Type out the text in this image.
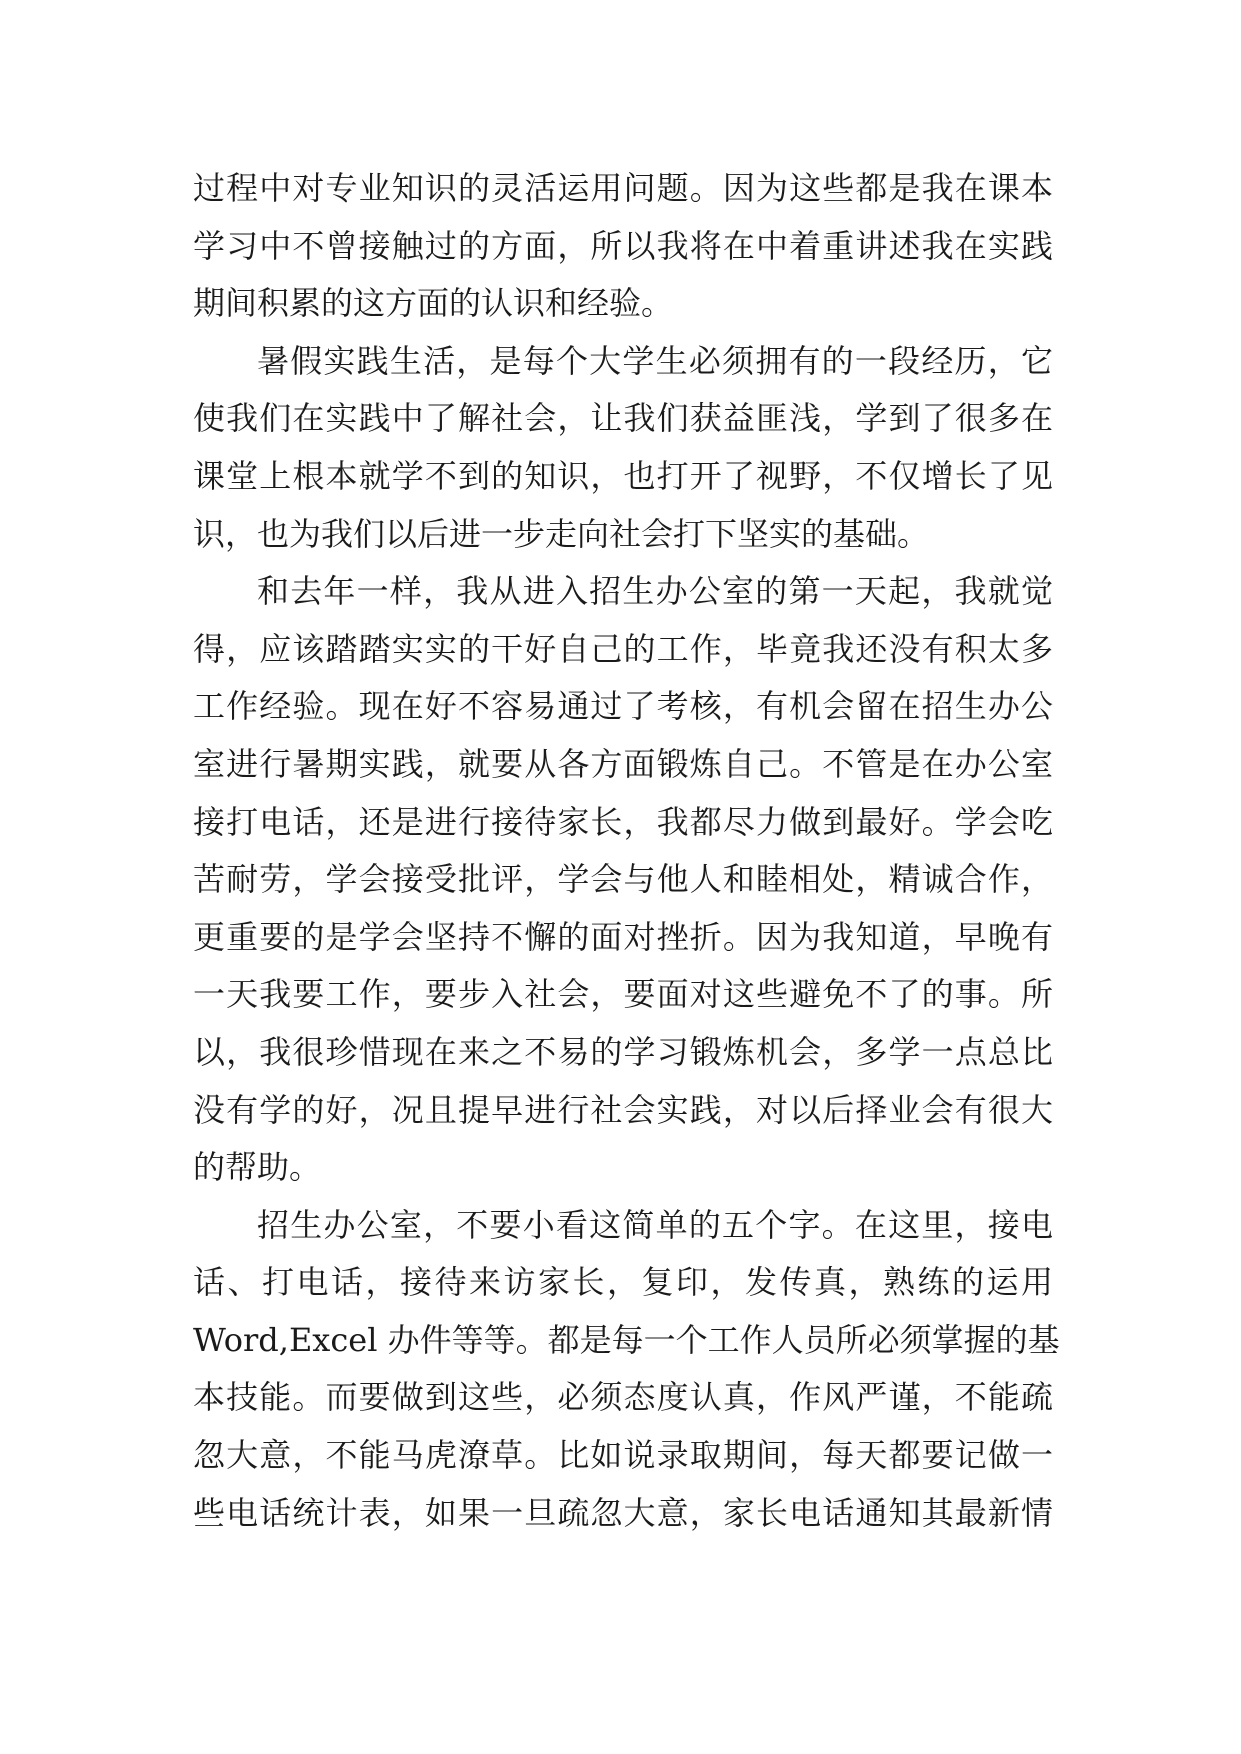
过程中对专业知识的灵活运用问题。因为这些都是我在课本
学习中不曾接触过的方面，所以我将在中着重讲述我在实践
期间积累的这方面的认识和经验。
暑假实践生活，是每个大学生必须拥有的一段经历，它
使我们在实践中了解社会，让我们获益匪浅，学到了很多在
课堂上根本就学不到的知识，也打开了视野，不仅增长了见
识，也为我们以后进一步走向社会打下坚实的基础。
和去年一样，我从进入招生办公室的第一天起，我就觉
得，应该踏踏实实的干好自己的工作，毕竟我还没有积太多
工作经验。现在好不容易通过了考核，有机会留在招生办公
室进行暑期实践，就要从各方面锻炼自己。不管是在办公室
接打电话，还是进行接待家长，我都尽力做到最好。学会吃
苦耐劳，学会接受批评，学会与他人和睦相处，精诚合作，
更重要的是学会坚持不懈的面对挫折。因为我知道，早晚有
一天我要工作，要步入社会，要面对这些避免不了的事。所
以，我很珍惜现在来之不易的学习锻炼机会，多学一点总比
没有学的好，况且提早进行社会实践，对以后择业会有很大
的帮助。
招生办公室，不要小看这简单的五个字。在这里，接电
话、打电话，接待来访家长，复印，发传真，熟练的运用
Word,Excel 办件等等。都是每一个工作人员所必须掌握的基
本技能。而要做到这些，必须态度认真，作风严谨，不能疏
忽大意，不能马虎潦草。比如说录取期间，每天都要记做一
些电话统计表，如果一旦疏忽大意，家长电话通知其最新情
